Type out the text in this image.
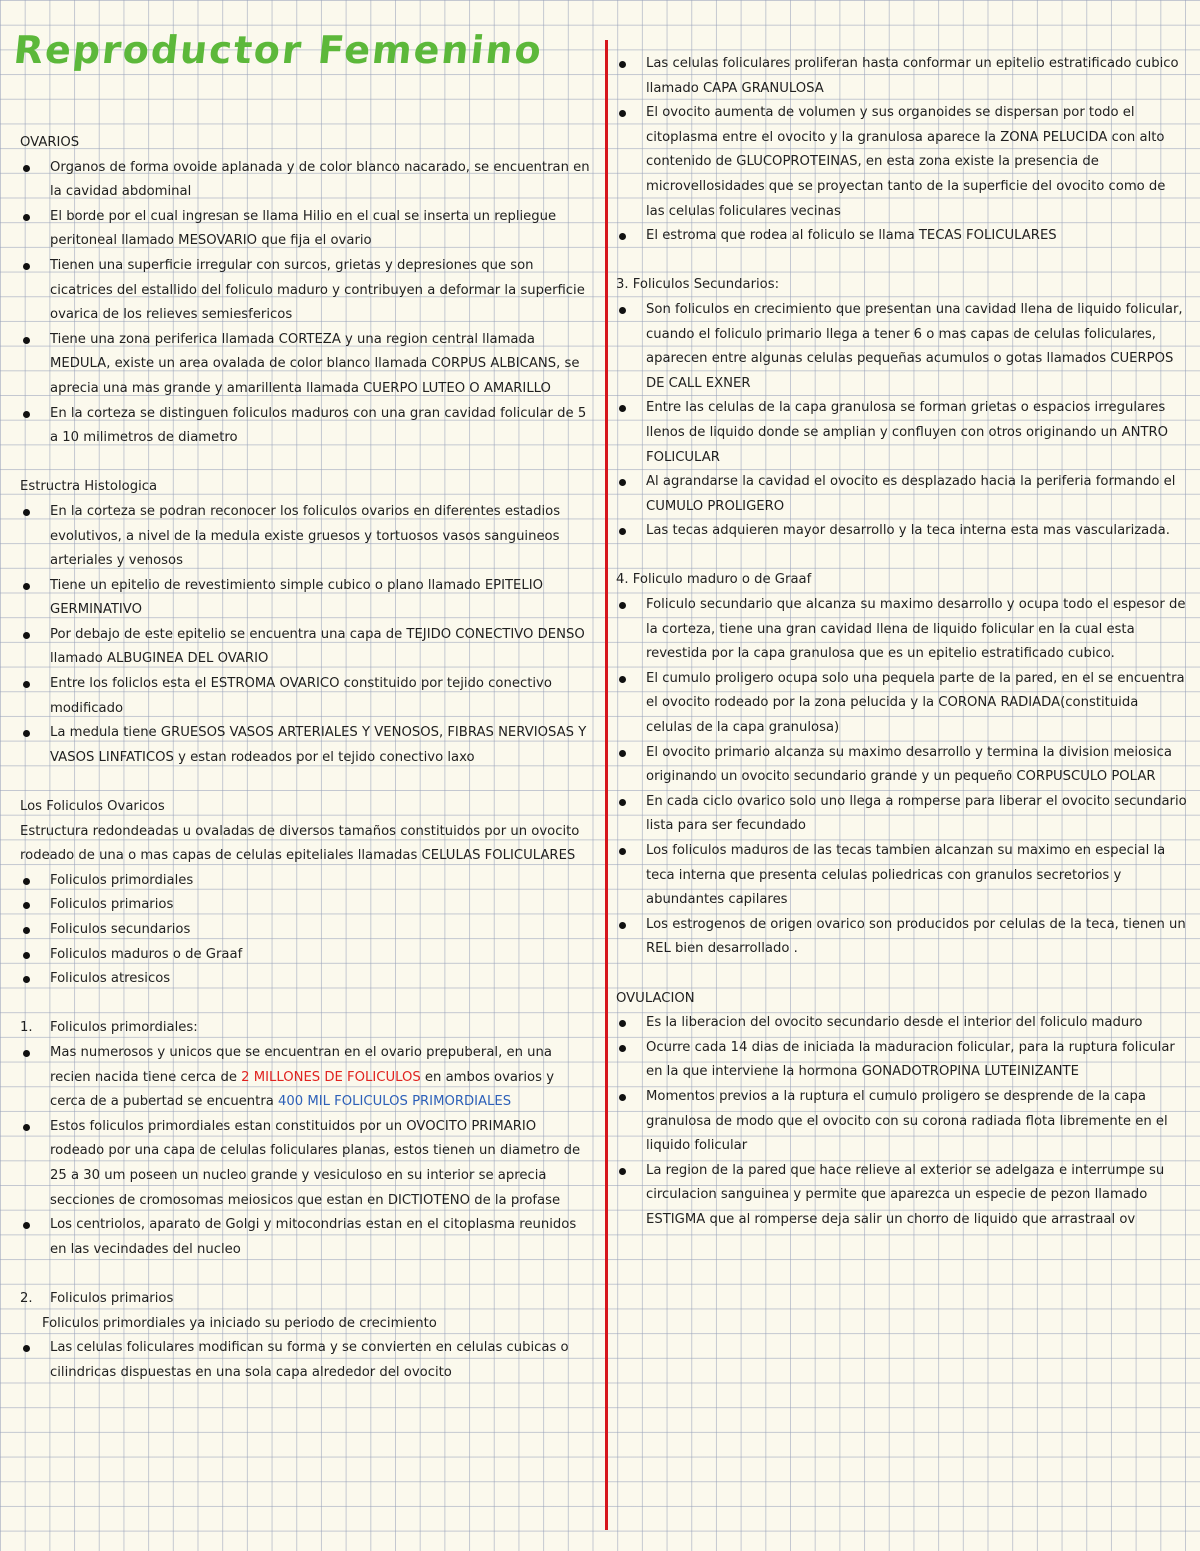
Reproductor Femenino

OVARIOS

Organos de forma ovoide aplanada y de color blanco nacarado, se encuentran en la cavidad abdominal
El borde por el cual ingresan se llama Hilio en el cual se inserta un repliegue peritoneal llamado MESOVARIO que fija el ovario
Tienen una superficie irregular con surcos, grietas y depresiones que son cicatrices del estallido del foliculo maduro y contribuyen a deformar la superficie ovarica de los relieves semiesfericos
Tiene una zona periferica llamada CORTEZA y una region central llamada MEDULA, existe un area ovalada de color blanco llamada CORPUS ALBICANS, se aprecia una mas grande y amarillenta llamada CUERPO LUTEO O AMARILLO
En la corteza se distinguen foliculos maduros con una gran cavidad folicular de 5 a 10 milimetros de diametro

Estructra Histologica

En la corteza se podran reconocer los foliculos ovarios en diferentes estadios evolutivos, a nivel de la medula existe gruesos y tortuosos vasos sanguineos arteriales y venosos
Tiene un epitelio de revestimiento simple cubico o plano llamado EPITELIO GERMINATIVO
Por debajo de este epitelio se encuentra una capa de TEJIDO CONECTIVO DENSO llamado ALBUGINEA DEL OVARIO
Entre los foliclos esta el ESTROMA OVARICO constituido por tejido conectivo modificado
La medula tiene GRUESOS VASOS ARTERIALES Y VENOSOS, FIBRAS NERVIOSAS Y VASOS LINFATICOS y estan rodeados por el tejido conectivo laxo

Los Foliculos Ovaricos

Estructura redondeadas u ovaladas de diversos tamaños constituidos por un ovocito rodeado de una o mas capas de celulas epiteliales llamadas CELULAS FOLICULARES

Foliculos primordiales
Foliculos primarios
Foliculos secundarios
Foliculos maduros o de Graaf
Foliculos atresicos

1. Foliculos primordiales:

Mas numerosos y unicos que se encuentran en el ovario prepuberal, en una recien nacida tiene cerca de 2 MILLONES DE FOLICULOS en ambos ovarios y cerca de a pubertad se encuentra 400 MIL FOLICULOS PRIMORDIALES
Estos foliculos primordiales estan constituidos por un OVOCITO PRIMARIO rodeado por una capa de celulas foliculares planas, estos tienen un diametro de 25 a 30 um poseen un nucleo grande y vesiculoso en su interior se aprecia secciones de cromosomas meiosicos que estan en DICTIOTENO de la profase
Los centriolos, aparato de Golgi y mitocondrias estan en el citoplasma reunidos en las vecindades del nucleo

2. Foliculos primarios

Foliculos primordiales ya iniciado su periodo de crecimiento

Las celulas foliculares modifican su forma y se convierten en celulas cubicas o cilindricas dispuestas en una sola capa alrededor del ovocito
Las celulas foliculares proliferan hasta conformar un epitelio estratificado cubico llamado CAPA GRANULOSA
El ovocito aumenta de volumen y sus organoides se dispersan por todo el citoplasma entre el ovocito y la granulosa aparece la ZONA PELUCIDA con alto contenido de GLUCOPROTEINAS, en esta zona existe la presencia de microvellosidades que se proyectan tanto de la superficie del ovocito como de las celulas foliculares vecinas
El estroma que rodea al foliculo se llama TECAS FOLICULARES

3. Foliculos Secundarios:

Son foliculos en crecimiento que presentan una cavidad llena de liquido folicular, cuando el foliculo primario llega a tener 6 o mas capas de celulas foliculares, aparecen entre algunas celulas pequeñas acumulos o gotas llamados CUERPOS DE CALL EXNER
Entre las celulas de la capa granulosa se forman grietas o espacios irregulares llenos de liquido donde se amplian y confluyen con otros originando un ANTRO FOLICULAR
Al agrandarse la cavidad el ovocito es desplazado hacia la periferia formando el CUMULO PROLIGERO
Las tecas adquieren mayor desarrollo y la teca interna esta mas vascularizada.

4. Foliculo maduro o de Graaf

Foliculo secundario que alcanza su maximo desarrollo y ocupa todo el espesor de la corteza, tiene una gran cavidad llena de liquido folicular en la cual esta revestida por la capa granulosa que es un epitelio estratificado cubico.
El cumulo proligero ocupa solo una pequela parte de la pared, en el se encuentra el ovocito rodeado por la zona pelucida y la CORONA RADIADA(constituida celulas de la capa granulosa)
El ovocito primario alcanza su maximo desarrollo y termina la division meiosica originando un ovocito secundario grande y un pequeño CORPUSCULO POLAR
En cada ciclo ovarico solo uno llega a romperse para liberar el ovocito secundario lista para ser fecundado
Los foliculos maduros de las tecas tambien alcanzan su maximo en especial la teca interna que presenta celulas poliedricas con granulos secretorios y abundantes capilares
Los estrogenos de origen ovarico son producidos por celulas de la teca, tienen un REL bien desarrollado .

OVULACION

Es la liberacion del ovocito secundario desde el interior del foliculo maduro
Ocurre cada 14 dias de iniciada la maduracion folicular, para la ruptura folicular en la que interviene la hormona GONADOTROPINA LUTEINIZANTE
Momentos previos a la ruptura el cumulo proligero se desprende de la capa granulosa de modo que el ovocito con su corona radiada flota libremente en el liquido folicular
La region de la pared que hace relieve al exterior se adelgaza e interrumpe su circulacion sanguinea y permite que aparezca un especie de pezon llamado ESTIGMA que al romperse deja salir un chorro de liquido que arrastraal ov
